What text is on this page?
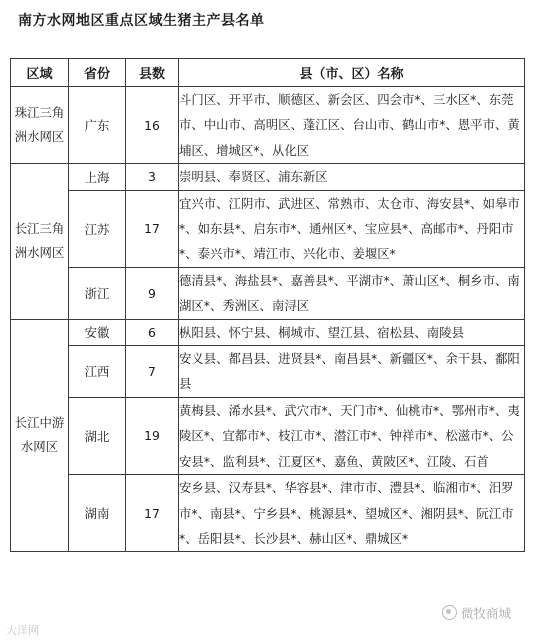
南方水网地区重点区域生猪主产县名单
区域	省份	县数	县（市、区）名称
珠江三角洲水网区	广东	16	斗门区、开平市、顺德区、新会区、四会市*、三水区*、东莞市、中山市、高明区、蓬江区、台山市、鹤山市*、恩平市、黄埔区、增城区*、从化区
长江三角洲水网区	上海	3	崇明县、奉贤区、浦东新区
	江苏	17	宜兴市、江阴市、武进区、常熟市、太仓市、海安县*、如皋市*、如东县*、启东市*、通州区*、宝应县*、高邮市*、丹阳市*、泰兴市*、靖江市、兴化市、姜堰区*
	浙江	9	德清县*、海盐县*、嘉善县*、平湖市*、萧山区*、桐乡市、南湖区*、秀洲区、南浔区
长江中游水网区	安徽	6	枞阳县、怀宁县、桐城市、望江县、宿松县、南陵县
	江西	7	安义县、都昌县、进贤县*、南昌县*、新疆区*、余干县、鄱阳县
	湖北	19	黄梅县、浠水县*、武穴市*、天门市*、仙桃市*、鄂州市*、夷陵区*、宜都市*、枝江市*、潜江市*、钟祥市*、松滋市*、公安县*、监利县*、江夏区*、嘉鱼、黄陂区*、江陵、石首
	湖南	17	安乡县、汉寿县*、华容县*、津市市、澧县*、临湘市*、汨罗市*、南县*、宁乡县*、桃源县*、望城区*、湘阴县*、阮江市*、岳阳县*、长沙县*、赫山区*、鼎城区*
大洋网
微牧商城
